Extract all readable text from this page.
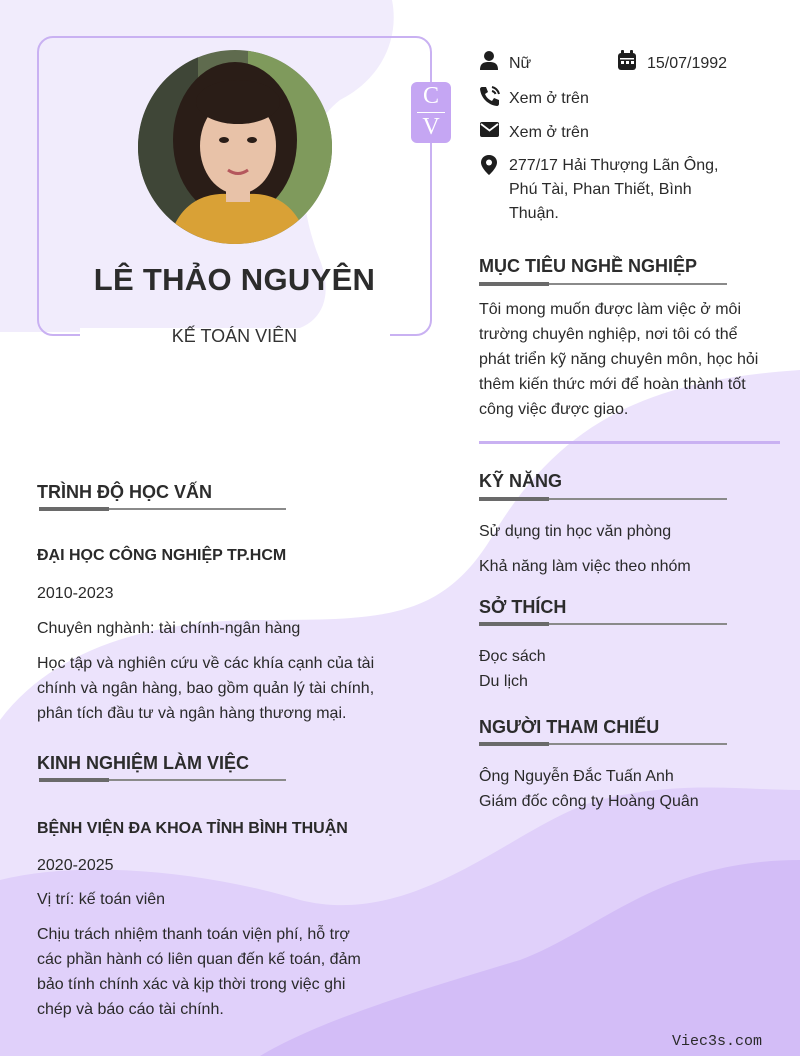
LÊ THẢO NGUYÊN
KẾ TOÁN VIÊN
C
V
Nữ	15/07/1992
Xem ở trên
Xem ở trên
277/17 Hải Thượng Lãn Ông,
Phú Tài, Phan Thiết, Bình
Thuận.
MỤC TIÊU NGHỀ NGHIỆP
Tôi mong muốn được làm việc ở môi
trường chuyên nghiệp, nơi tôi có thể
phát triển kỹ năng chuyên môn, học hỏi
thêm kiến thức mới để hoàn thành tốt
công việc được giao.
KỸ NĂNG
Sử dụng tin học văn phòng
Khả năng làm việc theo nhóm
SỞ THÍCH
Đọc sách
Du lịch
NGƯỜI THAM CHIẾU
Ông Nguyễn Đắc Tuấn Anh
Giám đốc công ty Hoàng Quân
TRÌNH ĐỘ HỌC VẤN
ĐẠI HỌC CÔNG NGHIỆP TP.HCM
2010-2023
Chuyên nghành: tài chính-ngân hàng
Học tập và nghiên cứu về các khía cạnh của tài
chính và ngân hàng, bao gồm quản lý tài chính,
phân tích đầu tư và ngân hàng thương mại.
KINH NGHIỆM LÀM VIỆC
BỆNH VIỆN ĐA KHOA TỈNH BÌNH THUẬN
2020-2025
Vị trí: kế toán viên
Chịu trách nhiệm thanh toán viện phí, hỗ trợ
các phần hành có liên quan đến kế toán, đảm
bảo tính chính xác và kịp thời trong việc ghi
chép và báo cáo tài chính.
Viec3s.com
